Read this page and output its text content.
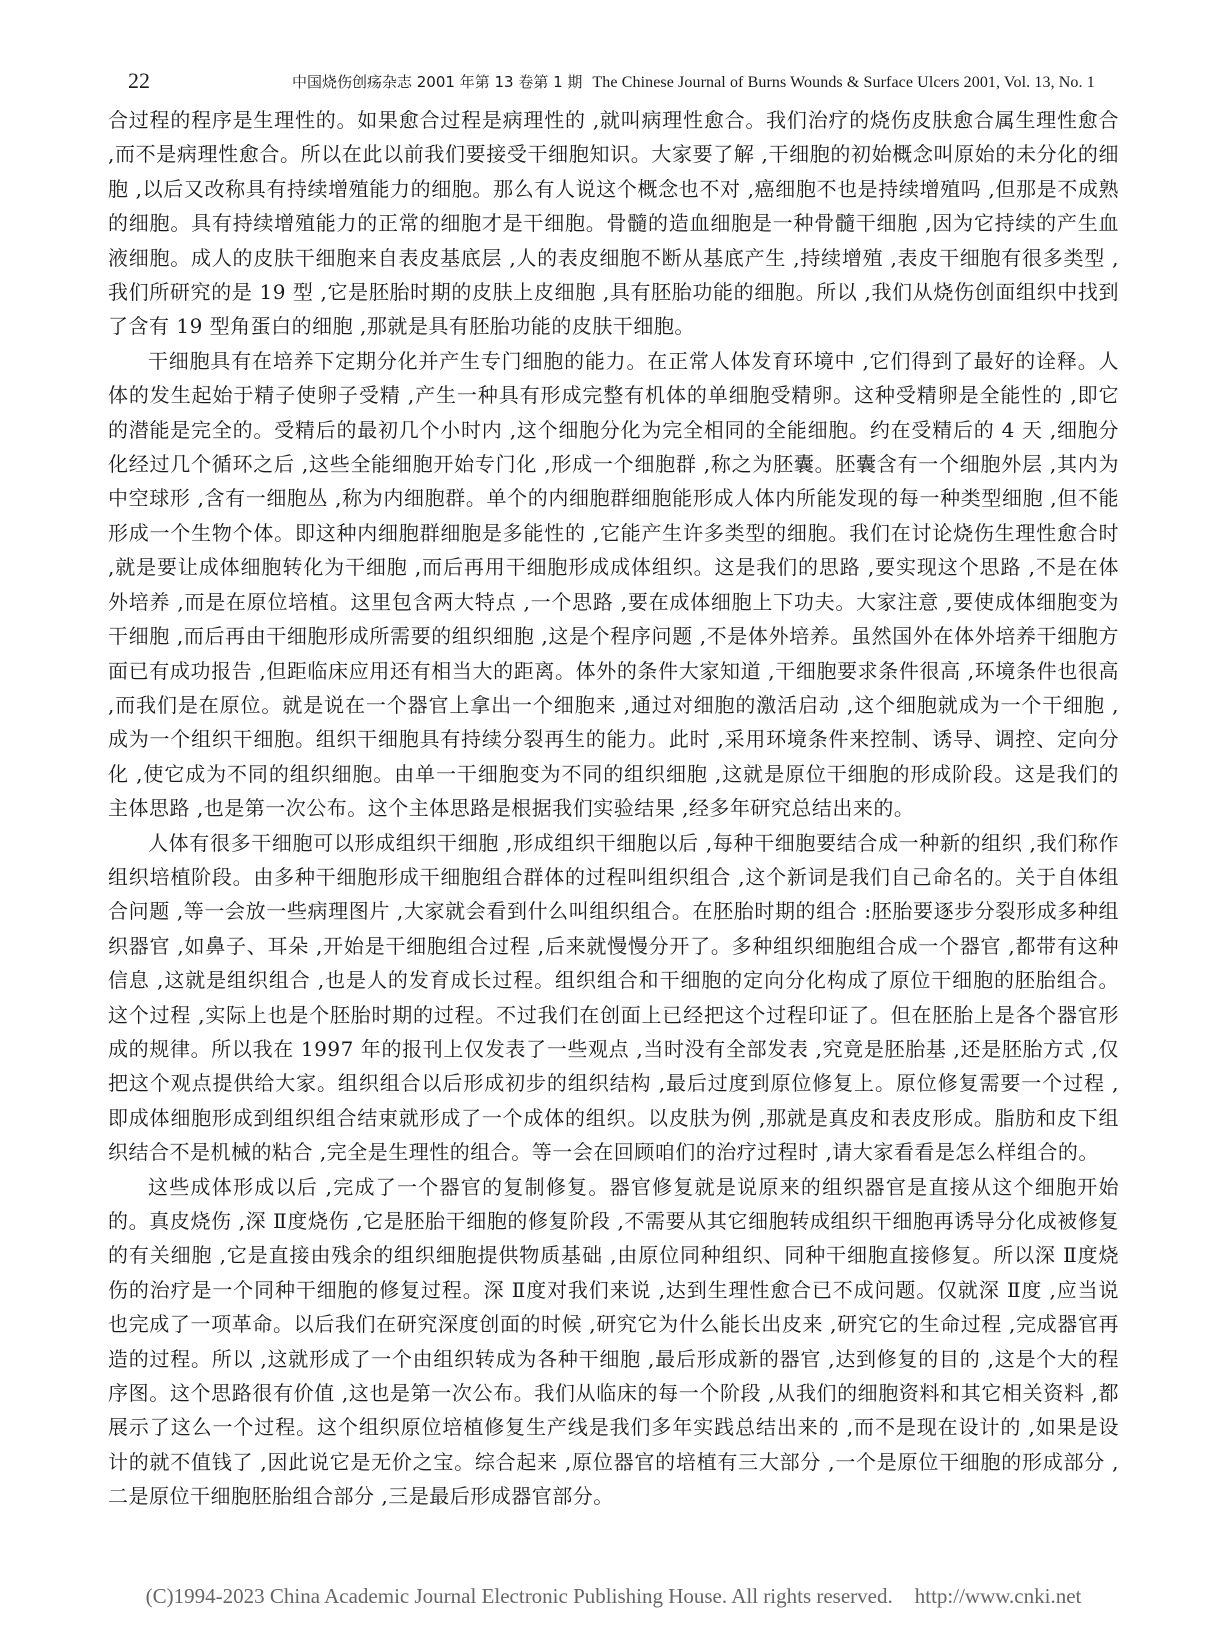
22	中国烧伤创疡杂志 2001 年第 13 卷第 1 期 The Chinese Journal of Burns Wounds & Surface Ulcers 2001, Vol. 13, No. 1

合过程的程序是生理性的。如果愈合过程是病理性的 ,就叫病理性愈合。我们治疗的烧伤皮肤愈合属生理性愈合 ,而不是病理性愈合。所以在此以前我们要接受干细胞知识。大家要了解 ,干细胞的初始概念叫原始的未分化的细胞 ,以后又改称具有持续增殖能力的细胞。那么有人说这个概念也不对 ,癌细胞不也是持续增殖吗 ,但那是不成熟的细胞。具有持续增殖能力的正常的细胞才是干细胞。骨髓的造血细胞是一种骨髓干细胞 ,因为它持续的产生血液细胞。成人的皮肤干细胞来自表皮基底层 ,人的表皮细胞不断从基底产生 ,持续增殖 ,表皮干细胞有很多类型 ,我们所研究的是 19 型 ,它是胚胎时期的皮肤上皮细胞 ,具有胚胎功能的细胞。所以 ,我们从烧伤创面组织中找到了含有 19 型角蛋白的细胞 ,那就是具有胚胎功能的皮肤干细胞。

干细胞具有在培养下定期分化并产生专门细胞的能力。在正常人体发育环境中 ,它们得到了最好的诠释。人体的发生起始于精子使卵子受精 ,产生一种具有形成完整有机体的单细胞受精卵。这种受精卵是全能性的 ,即它的潜能是完全的。受精后的最初几个小时内 ,这个细胞分化为完全相同的全能细胞。约在受精后的 4 天 ,细胞分化经过几个循环之后 ,这些全能细胞开始专门化 ,形成一个细胞群 ,称之为胚囊。胚囊含有一个细胞外层 ,其内为中空球形 ,含有一细胞丛 ,称为内细胞群。单个的内细胞群细胞能形成人体内所能发现的每一种类型细胞 ,但不能形成一个生物个体。即这种内细胞群细胞是多能性的 ,它能产生许多类型的细胞。我们在讨论烧伤生理性愈合时 ,就是要让成体细胞转化为干细胞 ,而后再用干细胞形成成体组织。这是我们的思路 ,要实现这个思路 ,不是在体外培养 ,而是在原位培植。这里包含两大特点 ,一个思路 ,要在成体细胞上下功夫。大家注意 ,要使成体细胞变为干细胞 ,而后再由干细胞形成所需要的组织细胞 ,这是个程序问题 ,不是体外培养。虽然国外在体外培养干细胞方面已有成功报告 ,但距临床应用还有相当大的距离。体外的条件大家知道 ,干细胞要求条件很高 ,环境条件也很高 ,而我们是在原位。就是说在一个器官上拿出一个细胞来 ,通过对细胞的激活启动 ,这个细胞就成为一个干细胞 ,成为一个组织干细胞。组织干细胞具有持续分裂再生的能力。此时 ,采用环境条件来控制、诱导、调控、定向分化 ,使它成为不同的组织细胞。由单一干细胞变为不同的组织细胞 ,这就是原位干细胞的形成阶段。这是我们的主体思路 ,也是第一次公布。这个主体思路是根据我们实验结果 ,经多年研究总结出来的。

人体有很多干细胞可以形成组织干细胞 ,形成组织干细胞以后 ,每种干细胞要结合成一种新的组织 ,我们称作组织培植阶段。由多种干细胞形成干细胞组合群体的过程叫组织组合 ,这个新词是我们自己命名的。关于自体组合问题 ,等一会放一些病理图片 ,大家就会看到什么叫组织组合。在胚胎时期的组合 :胚胎要逐步分裂形成多种组织器官 ,如鼻子、耳朵 ,开始是干细胞组合过程 ,后来就慢慢分开了。多种组织细胞组合成一个器官 ,都带有这种信息 ,这就是组织组合 ,也是人的发育成长过程。组织组合和干细胞的定向分化构成了原位干细胞的胚胎组合。这个过程 ,实际上也是个胚胎时期的过程。不过我们在创面上已经把这个过程印证了。但在胚胎上是各个器官形成的规律。所以我在 1997 年的报刊上仅发表了一些观点 ,当时没有全部发表 ,究竟是胚胎基 ,还是胚胎方式 ,仅把这个观点提供给大家。组织组合以后形成初步的组织结构 ,最后过度到原位修复上。原位修复需要一个过程 ,即成体细胞形成到组织组合结束就形成了一个成体的组织。以皮肤为例 ,那就是真皮和表皮形成。脂肪和皮下组织结合不是机械的粘合 ,完全是生理性的组合。等一会在回顾咱们的治疗过程时 ,请大家看看是怎么样组合的。

这些成体形成以后 ,完成了一个器官的复制修复。器官修复就是说原来的组织器官是直接从这个细胞开始的。真皮烧伤 ,深 Ⅱ度烧伤 ,它是胚胎干细胞的修复阶段 ,不需要从其它细胞转成组织干细胞再诱导分化成被修复的有关细胞 ,它是直接由残余的组织细胞提供物质基础 ,由原位同种组织、同种干细胞直接修复。所以深 Ⅱ度烧伤的治疗是一个同种干细胞的修复过程。深 Ⅱ度对我们来说 ,达到生理性愈合已不成问题。仅就深 Ⅱ度 ,应当说也完成了一项革命。以后我们在研究深度创面的时候 ,研究它为什么能长出皮来 ,研究它的生命过程 ,完成器官再造的过程。所以 ,这就形成了一个由组织转成为各种干细胞 ,最后形成新的器官 ,达到修复的目的 ,这是个大的程序图。这个思路很有价值 ,这也是第一次公布。我们从临床的每一个阶段 ,从我们的细胞资料和其它相关资料 ,都展示了这么一个过程。这个组织原位培植修复生产线是我们多年实践总结出来的 ,而不是现在设计的 ,如果是设计的就不值钱了 ,因此说它是无价之宝。综合起来 ,原位器官的培植有三大部分 ,一个是原位干细胞的形成部分 ,二是原位干细胞胚胎组合部分 ,三是最后形成器官部分。

(C)1994-2023 China Academic Journal Electronic Publishing House. All rights reserved. http://www.cnki.net
